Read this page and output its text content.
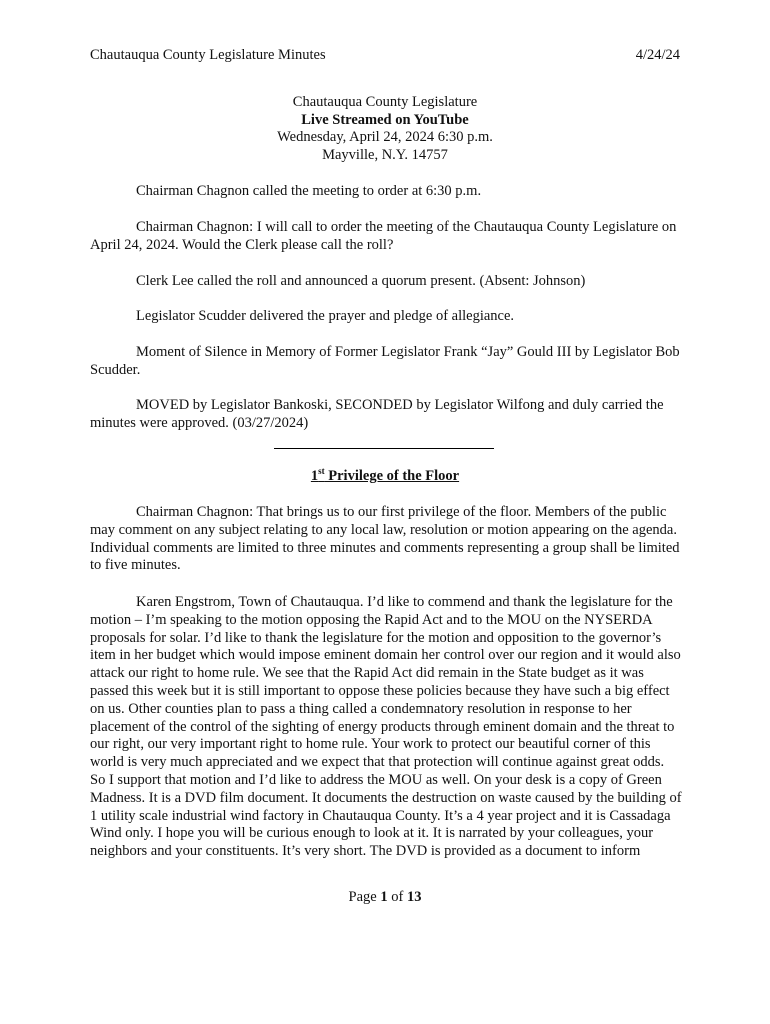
Chautauqua County Legislature Minutes	4/24/24
Chautauqua County Legislature
Live Streamed on YouTube
Wednesday, April 24, 2024 6:30 p.m.
Mayville, N.Y. 14757

Chairman Chagnon called the meeting to order at 6:30 p.m.

Chairman Chagnon: I will call to order the meeting of the Chautauqua County Legislature on April 24, 2024. Would the Clerk please call the roll?

Clerk Lee called the roll and announced a quorum present. (Absent: Johnson)

Legislator Scudder delivered the prayer and pledge of allegiance.

Moment of Silence in Memory of Former Legislator Frank “Jay” Gould III by Legislator Bob Scudder.

MOVED by Legislator Bankoski, SECONDED by Legislator Wilfong and duly carried the minutes were approved. (03/27/2024)

1st Privilege of the Floor

Chairman Chagnon: That brings us to our first privilege of the floor. Members of the public may comment on any subject relating to any local law, resolution or motion appearing on the agenda. Individual comments are limited to three minutes and comments representing a group shall be limited to five minutes.

Karen Engstrom, Town of Chautauqua. I’d like to commend and thank the legislature for the motion – I’m speaking to the motion opposing the Rapid Act and to the MOU on the NYSERDA proposals for solar. I’d like to thank the legislature for the motion and opposition to the governor’s item in her budget which would impose eminent domain her control over our region and it would also attack our right to home rule. We see that the Rapid Act did remain in the State budget as it was passed this week but it is still important to oppose these policies because they have such a big effect on us. Other counties plan to pass a thing called a condemnatory resolution in response to her placement of the control of the sighting of energy products through eminent domain and the threat to our right, our very important right to home rule. Your work to protect our beautiful corner of this world is very much appreciated and we expect that that protection will continue against great odds. So I support that motion and I’d like to address the MOU as well. On your desk is a copy of Green Madness. It is a DVD film document. It documents the destruction on waste caused by the building of 1 utility scale industrial wind factory in Chautauqua County. It’s a 4 year project and it is Cassadaga Wind only. I hope you will be curious enough to look at it. It is narrated by your colleagues, your neighbors and your constituents. It’s very short. The DVD is provided as a document to inform

Page 1 of 13
